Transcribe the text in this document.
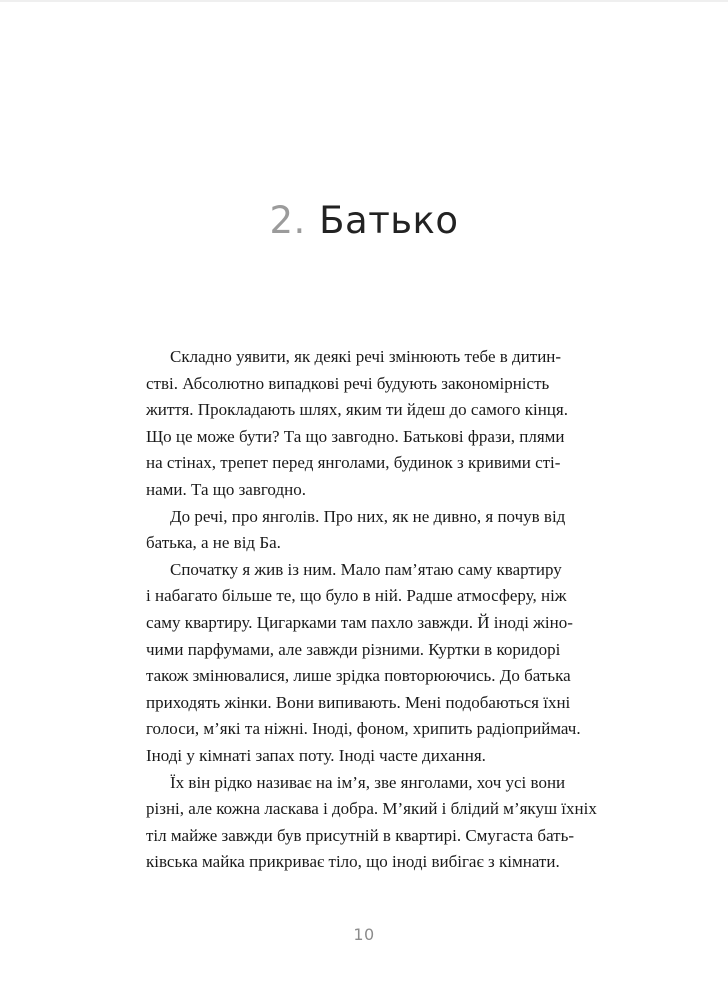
2. Батько

Складно уявити, як деякі речі змінюють тебе в дитин-
стві. Абсолютно випадкові речі будують закономірність
життя. Прокладають шлях, яким ти йдеш до самого кінця.
Що це може бути? Та що завгодно. Батькові фрази, плями
на стінах, трепет перед янголами, будинок з кривими сті-
нами. Та що завгодно.

До речі, про янголів. Про них, як не дивно, я почув від
батька, а не від Ба.

Спочатку я жив із ним. Мало пам’ятаю саму квартиру
і набагато більше те, що було в ній. Радше атмосферу, ніж
саму квартиру. Цигарками там пахло завжди. Й іноді жіно-
чими парфумами, але завжди різними. Куртки в коридорі
також змінювалися, лише зрідка повторюючись. До батька
приходять жінки. Вони випивають. Мені подобаються їхні
голоси, м’які та ніжні. Іноді, фоном, хрипить радіоприймач.
Іноді у кімнаті запах поту. Іноді часте дихання.

Їх він рідко називає на ім’я, зве янголами, хоч усі вони
різні, але кожна ласкава і добра. М’який і блідий м’якуш їхніх
тіл майже завжди був присутній в квартирі. Смугаста бать-
ківська майка прикриває тіло, що іноді вибігає з кімнати.

10
